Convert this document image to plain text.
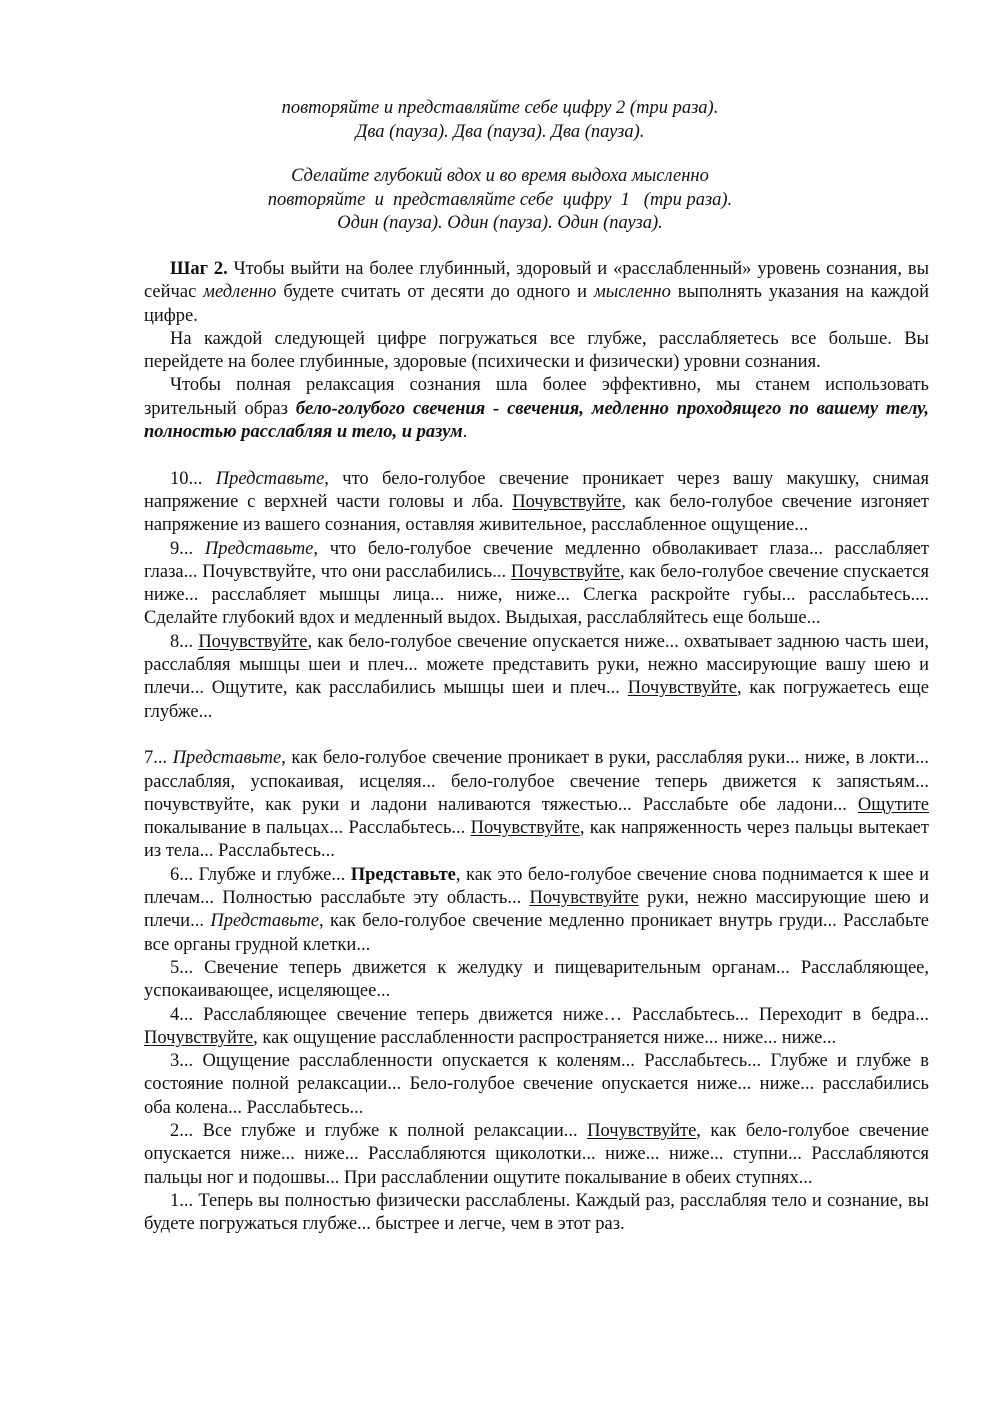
повторяйте и представляйте себе цифру 2 (три раза).

Два (пауза). Два (пауза). Два (пауза).

Сделайте глубокий вдох и во время выдоха мысленно

повторяйте  и  представляйте себе  цифру  1   (три раза).

Один (пауза). Один (пауза). Один (пауза).

Шаг 2. Чтобы выйти на более глубинный, здоровый и «расслабленный» уровень сознания, вы сейчас медленно будете считать от десяти до одного и мысленно выполнять указания на каждой цифре.

На каждой следующей цифре погружаться все глубже, расслабляетесь все больше. Вы перейдете на более глубинные, здоровые (психически и физически) уровни сознания.

Чтобы полная релаксация сознания шла более эффективно, мы станем использовать зрительный образ бело-голубого свечения - свечения, медленно проходящего по вашему телу, полностью расслабляя и тело, и разум.

10... Представьте, что бело-голубое свечение проникает через вашу макушку, снимая напряжение с верхней части головы и лба. Почувствуйте, как бело-голубое свечение изгоняет напряжение из вашего сознания, оставляя живительное, расслабленное ощущение...

9... Представьте, что бело-голубое свечение медленно обволакивает глаза... расслабляет глаза... Почувствуйте, что они расслабились... Почувствуйте, как бело-голубое свечение спускается ниже... расслабляет мышцы лица... ниже, ниже... Слегка раскройте губы... расслабьтесь.... Сделайте глубокий вдох и медленный выдох. Выдыхая, расслабляйтесь еще больше...

8... Почувствуйте, как бело-голубое свечение опускается ниже... охватывает заднюю часть шеи, расслабляя мышцы шеи и плеч... можете представить руки, нежно массирующие вашу шею и плечи... Ощутите, как расслабились мышцы шеи и плеч... Почувствуйте, как погружаетесь еще глубже...

7... Представьте, как бело-голубое свечение проникает в руки, расслабляя руки... ниже, в локти... расслабляя, успокаивая, исцеляя... бело-голубое свечение теперь движется к запястьям... почувствуйте, как руки и ладони наливаются тяжестью... Расслабьте обе ладони... Ощутите покалывание в пальцах... Расслабьтесь... Почувствуйте, как напряженность через пальцы вытекает из тела... Расслабьтесь...

6... Глубже и глубже... Представьте, как это бело-голубое свечение снова поднимается к шее и плечам... Полностью расслабьте эту область... Почувствуйте руки, нежно массирующие шею и плечи... Представьте, как бело-голубое свечение медленно проникает внутрь груди... Расслабьте все органы грудной клетки...

5... Свечение теперь движется к желудку и пищеварительным органам... Расслабляющее, успокаивающее, исцеляющее...

4... Расслабляющее свечение теперь движется ниже… Расслабьтесь... Переходит в бедра... Почувствуйте, как ощущение расслабленности распространяется ниже... ниже... ниже...

3... Ощущение расслабленности опускается к коленям... Расслабьтесь... Глубже и глубже в состояние полной релаксации... Бело-голубое свечение опускается ниже... ниже... расслабились оба колена... Расслабьтесь...

2... Все глубже и глубже к полной релаксации... Почувствуйте, как бело-голубое свечение опускается ниже... ниже... Расслабляются щиколотки... ниже... ниже... ступни... Расслабляются пальцы ног и подошвы... При расслаблении ощутите покалывание в обеих ступнях...

1... Теперь вы полностью физически расслаблены. Каждый раз, расслабляя тело и сознание, вы будете погружаться глубже... быстрее и легче, чем в этот раз.
